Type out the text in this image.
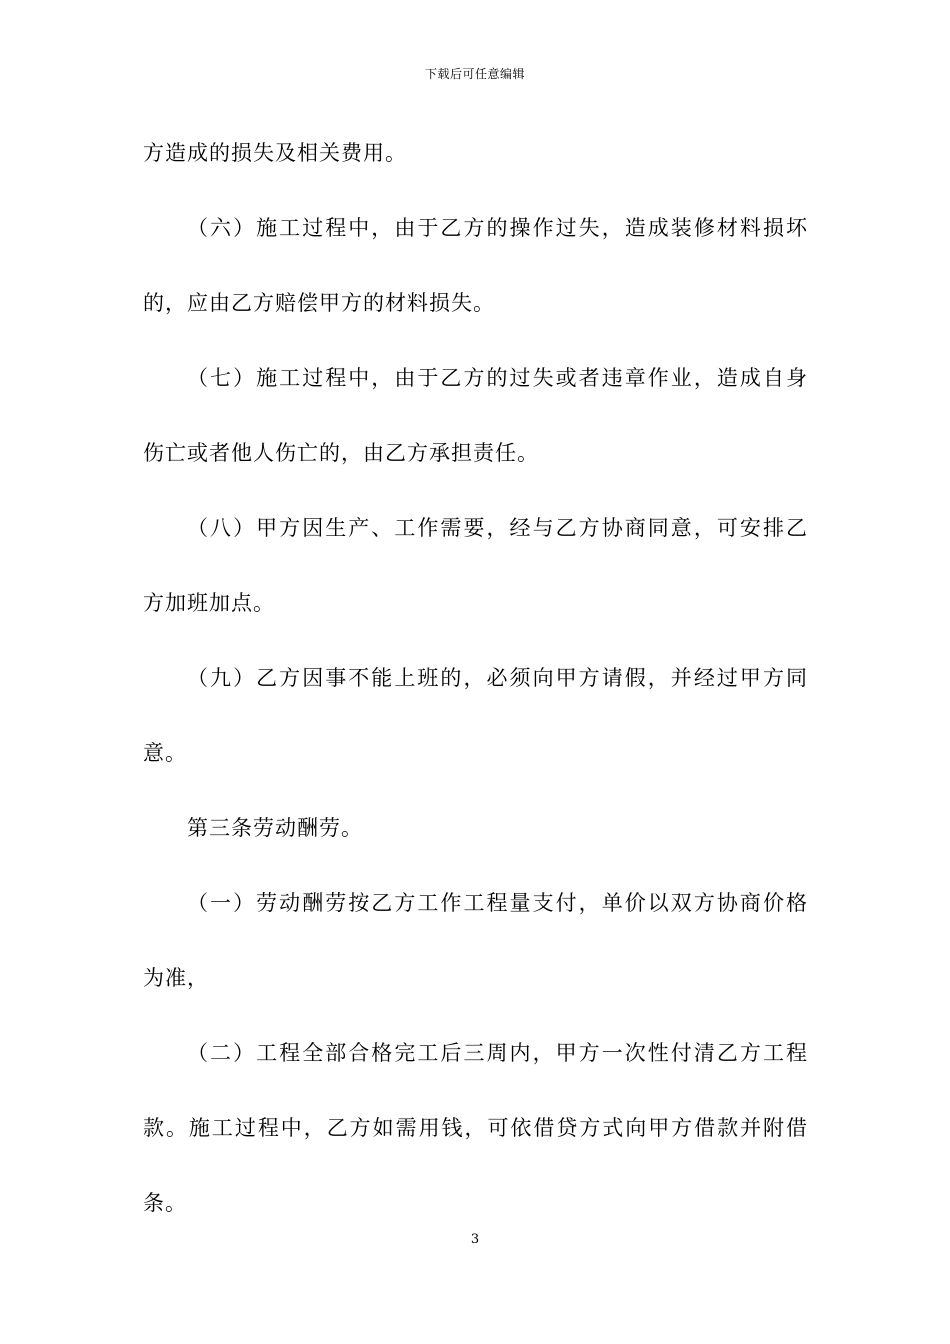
下载后可任意编辑
方造成的损失及相关费用。
（六）施工过程中，由于乙方的操作过失，造成装修材料损坏
的，应由乙方赔偿甲方的材料损失。
（七）施工过程中，由于乙方的过失或者违章作业，造成自身
伤亡或者他人伤亡的，由乙方承担责任。
（八）甲方因生产、工作需要，经与乙方协商同意，可安排乙
方加班加点。
（九）乙方因事不能上班的，必须向甲方请假，并经过甲方同
意。
第三条劳动酬劳。
（一）劳动酬劳按乙方工作工程量支付，单价以双方协商价格
为准，
（二）工程全部合格完工后三周内，甲方一次性付清乙方工程
款。施工过程中，乙方如需用钱，可依借贷方式向甲方借款并附借
条。
3
